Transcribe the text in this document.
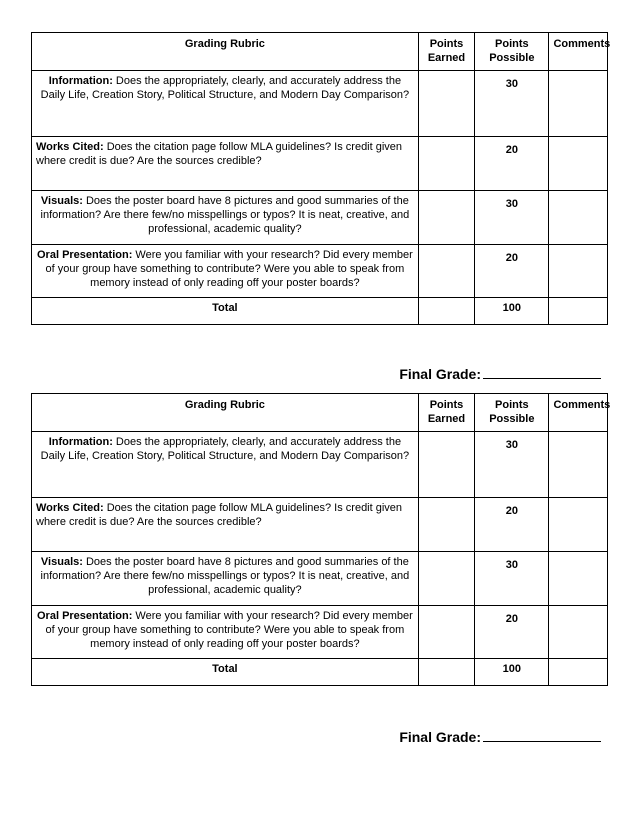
Grading Rubric	Points Earned	Points Possible	Comments
Information: Does the appropriately, clearly, and accurately address the Daily Life, Creation Story, Political Structure, and Modern Day Comparison?		30	
Works Cited: Does the citation page follow MLA guidelines? Is credit given where credit is due? Are the sources credible?		20	
Visuals: Does the poster board have 8 pictures and good summaries of the information? Are there few/no misspellings or typos? It is neat, creative, and professional, academic quality?		30	
Oral Presentation: Were you familiar with your research? Did every member of your group have something to contribute? Were you able to speak from memory instead of only reading off your poster boards?		20	
Total		100	
Final Grade:
Grading Rubric	Points Earned	Points Possible	Comments
Information: Does the appropriately, clearly, and accurately address the Daily Life, Creation Story, Political Structure, and Modern Day Comparison?		30	
Works Cited: Does the citation page follow MLA guidelines? Is credit given where credit is due? Are the sources credible?		20	
Visuals: Does the poster board have 8 pictures and good summaries of the information? Are there few/no misspellings or typos? It is neat, creative, and professional, academic quality?		30	
Oral Presentation: Were you familiar with your research? Did every member of your group have something to contribute? Were you able to speak from memory instead of only reading off your poster boards?		20	
Total		100	
Final Grade:
